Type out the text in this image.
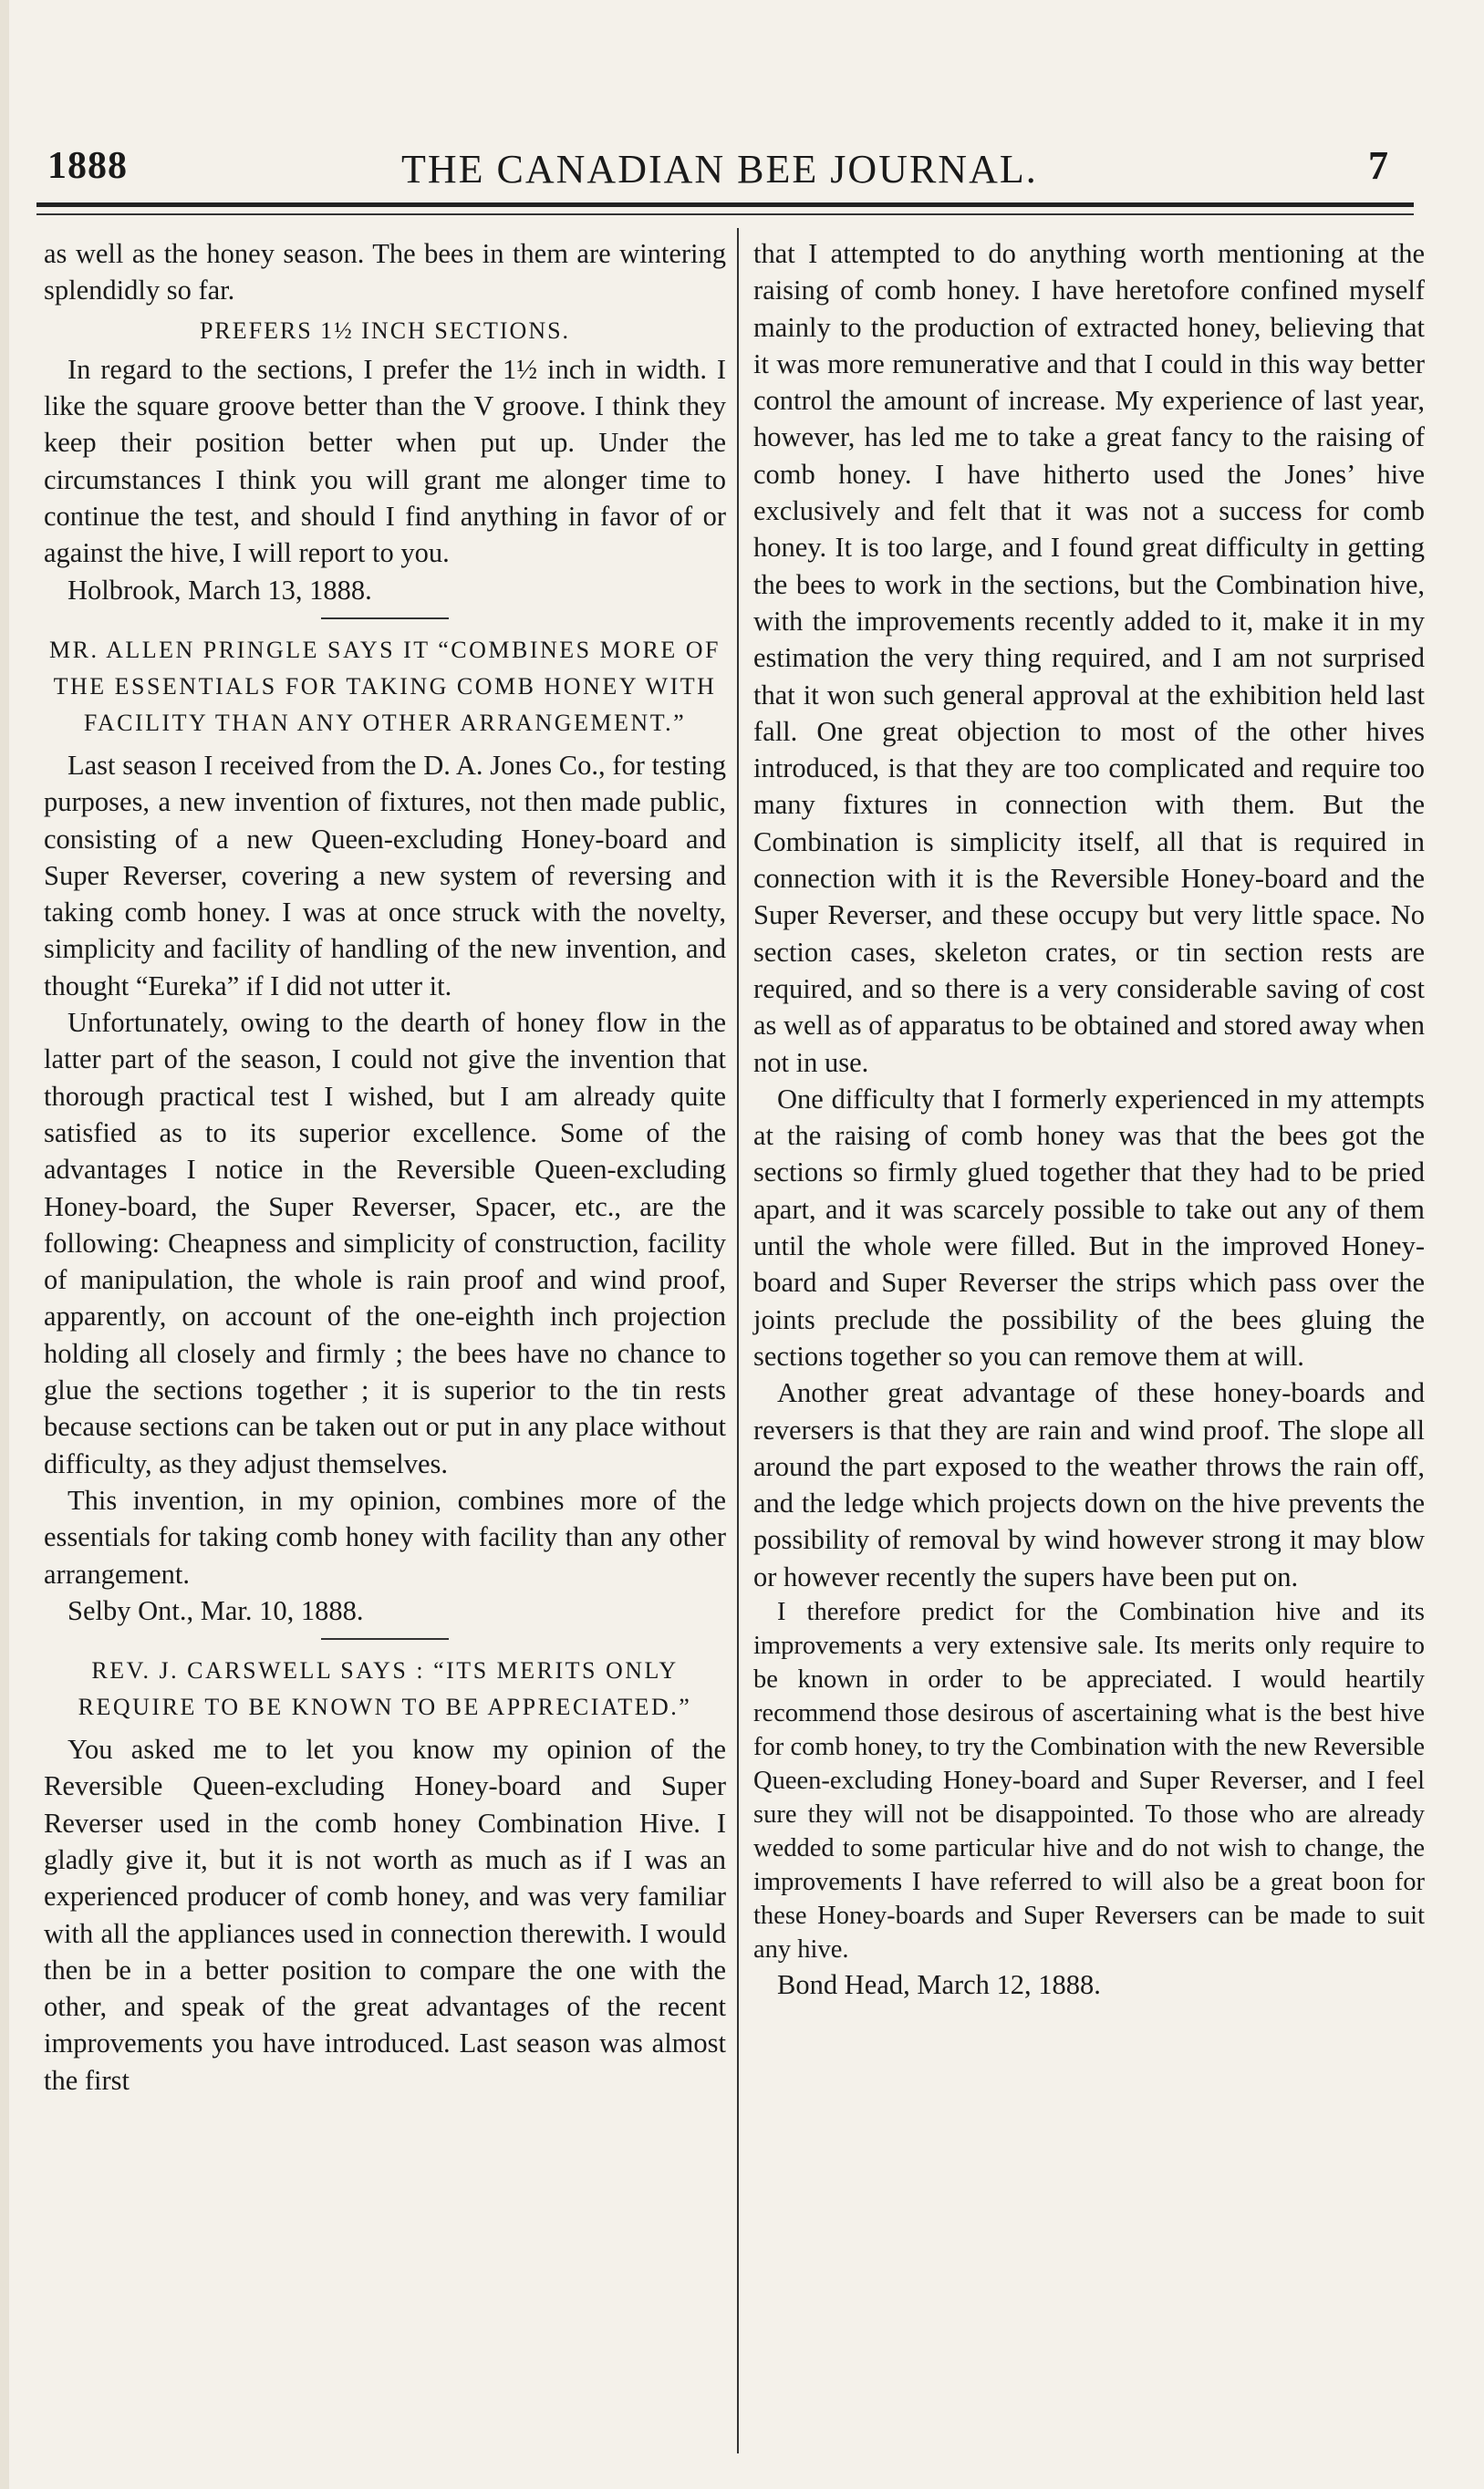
1888	THE CANADIAN BEE JOURNAL.	7

as well as the honey season. The bees in them are wintering splendidly so far.

PREFERS 1½ INCH SECTIONS.

In regard to the sections, I prefer the 1½ inch in width. I like the square groove better than the V groove. I think they keep their position better when put up. Under the circumstances I think you will grant me alonger time to continue the test, and should I find anything in favor of or against the hive, I will report to you.

Holbrook, March 13, 1888.

MR. ALLEN PRINGLE SAYS IT “COMBINES MORE OF THE ESSENTIALS FOR TAKING COMB HONEY WITH FACILITY THAN ANY OTHER ARRANGEMENT.”

Last season I received from the D. A. Jones Co., for testing purposes, a new invention of fixtures, not then made public, consisting of a new Queen-excluding Honey-board and Super Reverser, covering a new system of reversing and taking comb honey. I was at once struck with the novelty, simplicity and facility of handling of the new invention, and thought “Eureka” if I did not utter it.

Unfortunately, owing to the dearth of honey flow in the latter part of the season, I could not give the invention that thorough practical test I wished, but I am already quite satisfied as to its superior excellence. Some of the advantages I notice in the Reversible Queen-excluding Honey-board, the Super Reverser, Spacer, etc., are the following: Cheapness and simplicity of construction, facility of manipulation, the whole is rain proof and wind proof, apparently, on account of the one-eighth inch projection holding all closely and firmly ; the bees have no chance to glue the sections together ; it is superior to the tin rests because sections can be taken out or put in any place without difficulty, as they adjust themselves.

This invention, in my opinion, combines more of the essentials for taking comb honey with facility than any other arrangement.

Selby Ont., Mar. 10, 1888.

REV. J. CARSWELL SAYS : “ITS MERITS ONLY REQUIRE TO BE KNOWN TO BE APPRECIATED.”

You asked me to let you know my opinion of the Reversible Queen-excluding Honey-board and Super Reverser used in the comb honey Combination Hive. I gladly give it, but it is not worth as much as if I was an experienced producer of comb honey, and was very familiar with all the appliances used in connection therewith. I would then be in a better position to compare the one with the other, and speak of the great advantages of the recent improvements you have introduced. Last season was almost the first

that I attempted to do anything worth mentioning at the raising of comb honey. I have heretofore confined myself mainly to the production of extracted honey, believing that it was more remunerative and that I could in this way better control the amount of increase. My experience of last year, however, has led me to take a great fancy to the raising of comb honey. I have hitherto used the Jones’ hive exclusively and felt that it was not a success for comb honey. It is too large, and I found great difficulty in getting the bees to work in the sections, but the Combination hive, with the improvements recently added to it, make it in my estimation the very thing required, and I am not surprised that it won such general approval at the exhibition held last fall. One great objection to most of the other hives introduced, is that they are too complicated and require too many fixtures in connection with them. But the Combination is simplicity itself, all that is required in connection with it is the Reversible Honey-board and the Super Reverser, and these occupy but very little space. No section cases, skeleton crates, or tin section rests are required, and so there is a very considerable saving of cost as well as of apparatus to be obtained and stored away when not in use.

One difficulty that I formerly experienced in my attempts at the raising of comb honey was that the bees got the sections so firmly glued together that they had to be pried apart, and it was scarcely possible to take out any of them until the whole were filled. But in the improved Honey-board and Super Reverser the strips which pass over the joints preclude the possibility of the bees gluing the sections together so you can remove them at will.

Another great advantage of these honey-boards and reversers is that they are rain and wind proof. The slope all around the part exposed to the weather throws the rain off, and the ledge which projects down on the hive prevents the possibility of removal by wind however strong it may blow or however recently the supers have been put on.

I therefore predict for the Combination hive and its improvements a very extensive sale. Its merits only require to be known in order to be appreciated. I would heartily recommend those desirous of ascertaining what is the best hive for comb honey, to try the Combination with the new Reversible Queen-excluding Honey-board and Super Reverser, and I feel sure they will not be disappointed. To those who are already wedded to some particular hive and do not wish to change, the improvements I have referred to will also be a great boon for these Honey-boards and Super Reversers can be made to suit any hive.

Bond Head, March 12, 1888.
